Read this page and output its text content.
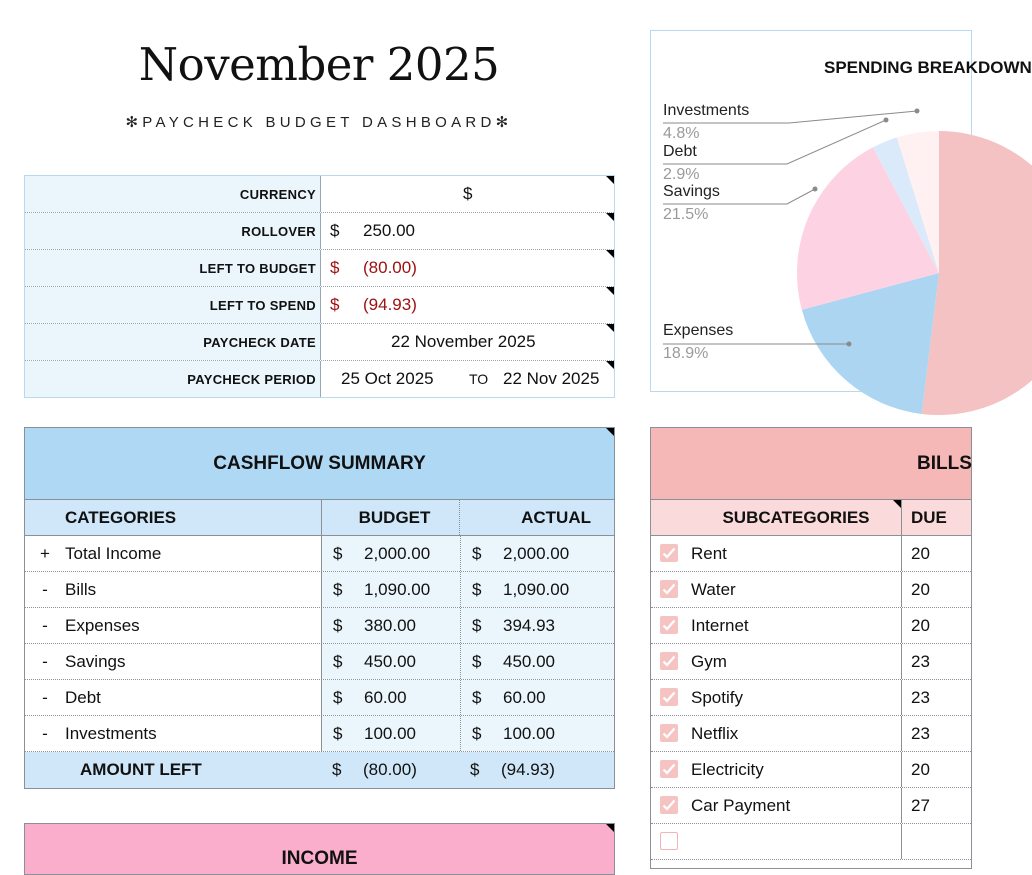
November 2025
✻PAYCHECK BUDGET DASHBOARD✻
CURRENCY	$
ROLLOVER $ 250.00
LEFT TO BUDGET $ (80.00)
LEFT TO SPEND $ (94.93)
PAYCHECK DATE	22 November 2025
PAYCHECK PERIOD 25 Oct 2025	TO 22 Nov 2025
CASHFLOW SUMMARY
CATEGORIES	BUDGET	ACTUAL
+ Total Income	$ 2,000.00 $ 2,000.00
-	Bills	$ 1,090.00 $ 1,090.00
-	Expenses	$ 380.00	$ 394.93
-	Savings	$ 450.00	$ 450.00
-	Debt	$ 60.00	$ 60.00
-	Investments	$ 100.00	$ 100.00
AMOUNT LEFT	$ (80.00)	$ (94.93)
INCOME
SPENDING BREAKDOWN
Investments
4.8%
Debt
2.9%
Savings
21.5%
Expenses
18.9%
BILLS
SUBCATEGORIES	DUE
Rent	20
Water	20
Internet	20
Gym	23
Spotify	23
Netflix	23
Electricity	20
Car Payment	27
